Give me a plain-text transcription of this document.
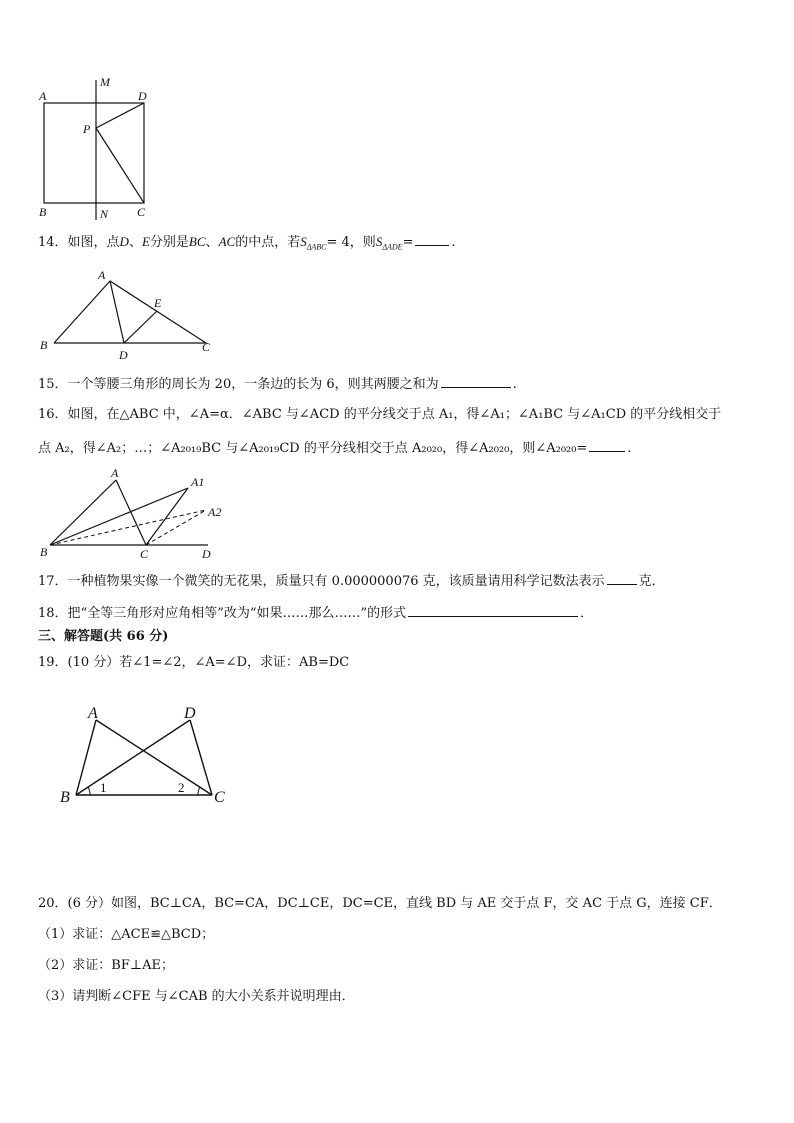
A
M
D
P
B	N C
14．如图，点D、E分别是BC、AC的中点，若$S_{\Delta ABC}= 4$，则$S_{\Delta ADE}=$	.
A
E
B
D
C
15．一个等腰三角形的周长为 20，一条边的长为 6，则其两腰之和为	.
16．如图，在△ABC 中，∠A=α．∠ABC 与∠ACD 的平分线交于点 A₁，得∠A₁；∠A₁BC 与∠A₁CD 的平分线相交于
点 A₂，得∠A₂；…；∠A₂₀₁₉BC 与∠A₂₀₁₉CD 的平分线相交于点 A₂₀₂₀，得∠A₂₀₂₀，则∠A₂₀₂₀=	.
A
A1
A2
B	C	D
17．一种植物果实像一个微笑的无花果，质量只有 0.000000076 克，该质量请用科学记数法表示	克．
18．把“全等三角形对应角相等”改为“如果……那么……”的形式	．
三、解答题(共 66 分)
19．(10 分）若∠1=∠2，∠A=∠D，求证：AB=DC
A	D
B	C
1	2
20．(6 分）如图，BC⊥CA，BC=CA，DC⊥CE，DC=CE，直线 BD 与 AE 交于点 F，交 AC 于点 G，连接 CF．
（1）求证：△ACE≌△BCD；
（2）求证：BF⊥AE；
（3）请判断∠CFE 与∠CAB 的大小关系并说明理由．
